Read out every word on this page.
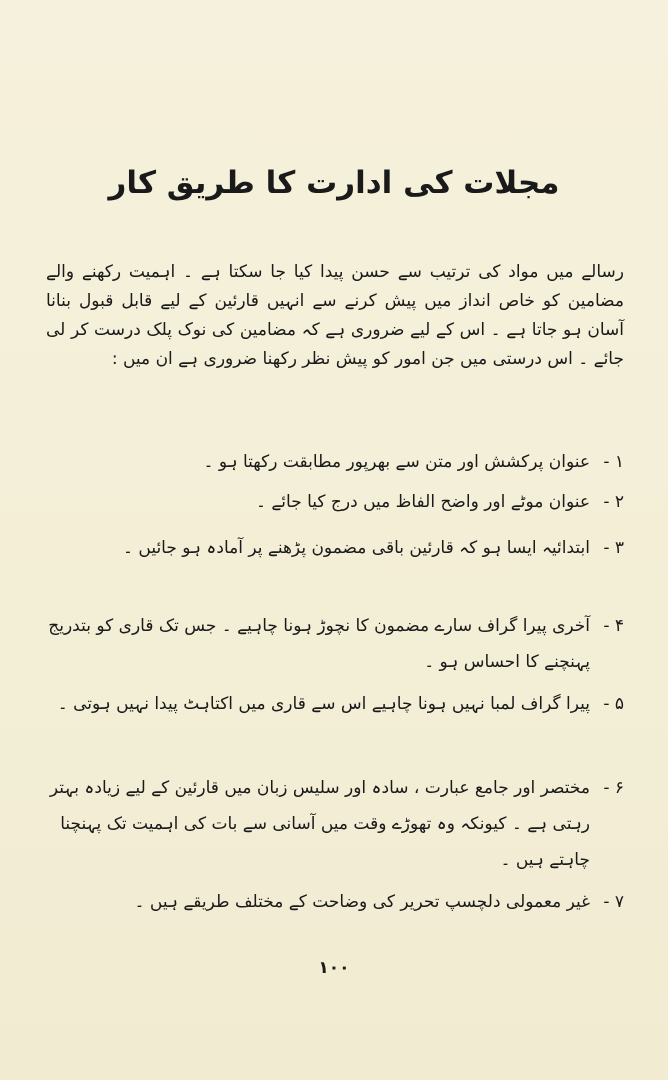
مجلات کی ادارت کا طریق کار
رسالے میں مواد کی ترتیب سے حسن پیدا کیا جا سکتا ہے ۔ اہمیت رکھنے والے مضامین کو خاص انداز میں پیش کرنے سے انہیں قارئین کے لیے قابل قبول بنانا آسان ہو جاتا ہے ۔ اس کے لیے ضروری ہے کہ مضامین کی نوک پلک درست کر لی جائے ۔ اس درستی میں جن امور کو پیش نظر رکھنا ضروری ہے ان میں :
۱ -
عنوان پرکشش اور متن سے بھرپور مطابقت رکھتا ہو ۔
۲ -
عنوان موٹے اور واضح الفاظ میں درج کیا جائے ۔
۳ -
ابتدائیہ ایسا ہو کہ قارئین باقی مضمون پڑھنے پر آمادہ ہو جائیں ۔
۴ -
آخری پیرا گراف سارے مضمون کا نچوڑ ہونا چاہیے ۔ جس تک قاری کو بتدریج پہنچنے کا احساس ہو ۔
۵ -
پیرا گراف لمبا نہیں ہونا چاہیے اس سے قاری میں اکتاہٹ پیدا نہیں ہوتی ۔
۶ -
مختصر اور جامع عبارت ، سادہ اور سلیس زبان میں قارئین کے لیے زیادہ بہتر رہتی ہے ۔ کیونکہ وہ تھوڑے وقت میں آسانی سے بات کی اہمیت تک پہنچنا چاہتے ہیں ۔
۷ -
غیر معمولی دلچسپ تحریر کی وضاحت کے مختلف طریقے ہیں ۔
۱۰۰
